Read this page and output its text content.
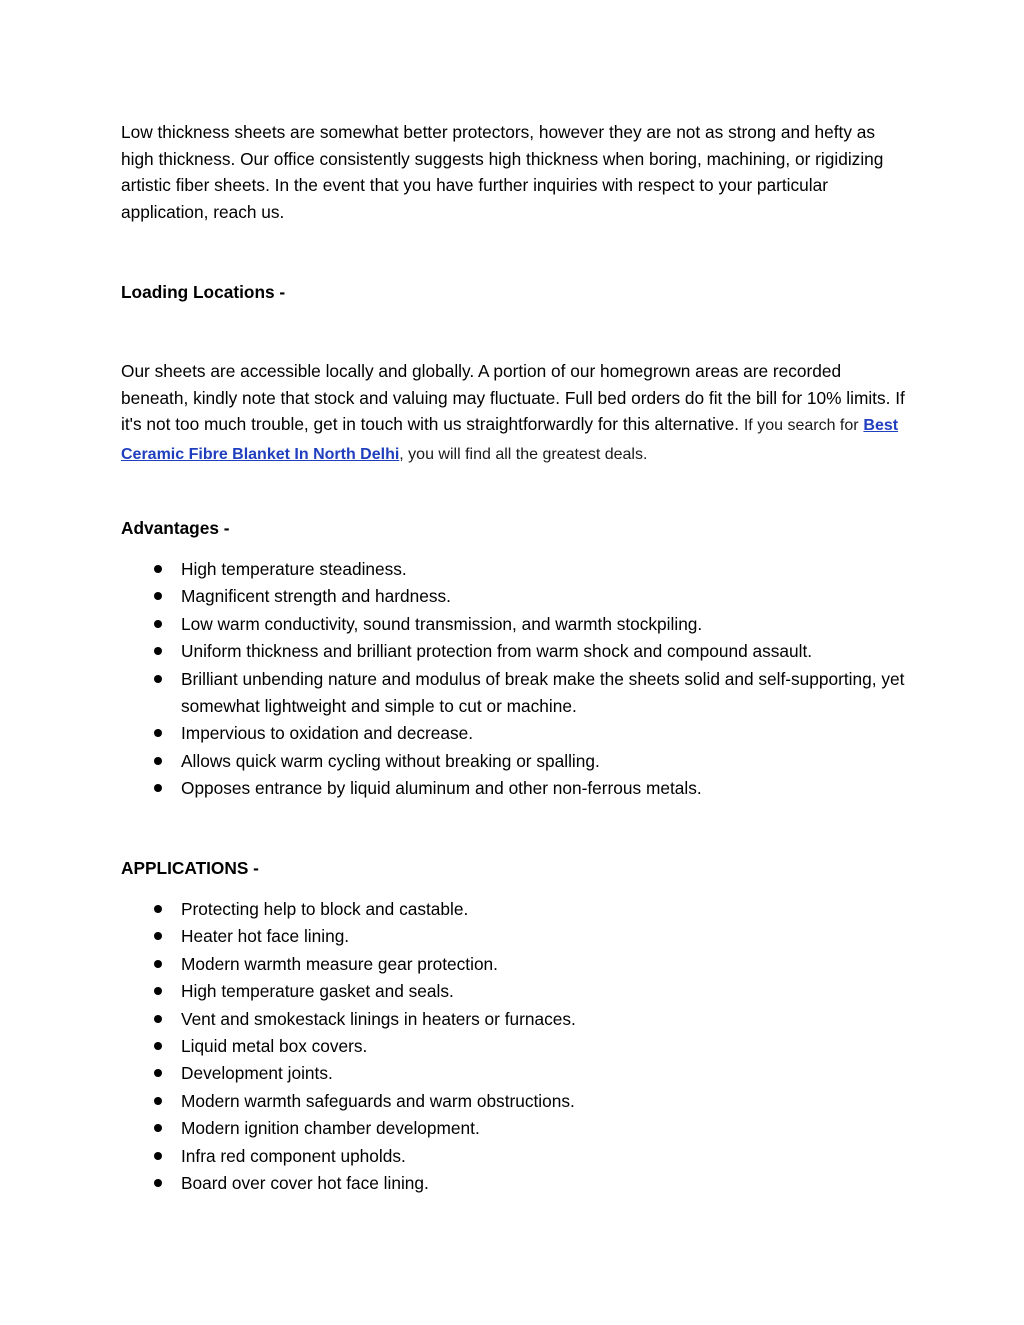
Low thickness sheets are somewhat better protectors, however they are not as strong and hefty as high thickness. Our office consistently suggests high thickness when boring, machining, or rigidizing artistic fiber sheets. In the event that you have further inquiries with respect to your particular application, reach us.

Loading Locations -

Our sheets are accessible locally and globally. A portion of our homegrown areas are recorded beneath, kindly note that stock and valuing may fluctuate. Full bed orders do fit the bill for 10% limits. If it's not too much trouble, get in touch with us straightforwardly for this alternative. If you search for Best Ceramic Fibre Blanket In North Delhi, you will find all the greatest deals.

Advantages -

High temperature steadiness.
Magnificent strength and hardness.
Low warm conductivity, sound transmission, and warmth stockpiling.
Uniform thickness and brilliant protection from warm shock and compound assault.
Brilliant unbending nature and modulus of break make the sheets solid and self-supporting, yet somewhat lightweight and simple to cut or machine.
Impervious to oxidation and decrease.
Allows quick warm cycling without breaking or spalling.
Opposes entrance by liquid aluminum and other non-ferrous metals.

APPLICATIONS -

Protecting help to block and castable.
Heater hot face lining.
Modern warmth measure gear protection.
High temperature gasket and seals.
Vent and smokestack linings in heaters or furnaces.
Liquid metal box covers.
Development joints.
Modern warmth safeguards and warm obstructions.
Modern ignition chamber development.
Infra red component upholds.
Board over cover hot face lining.
